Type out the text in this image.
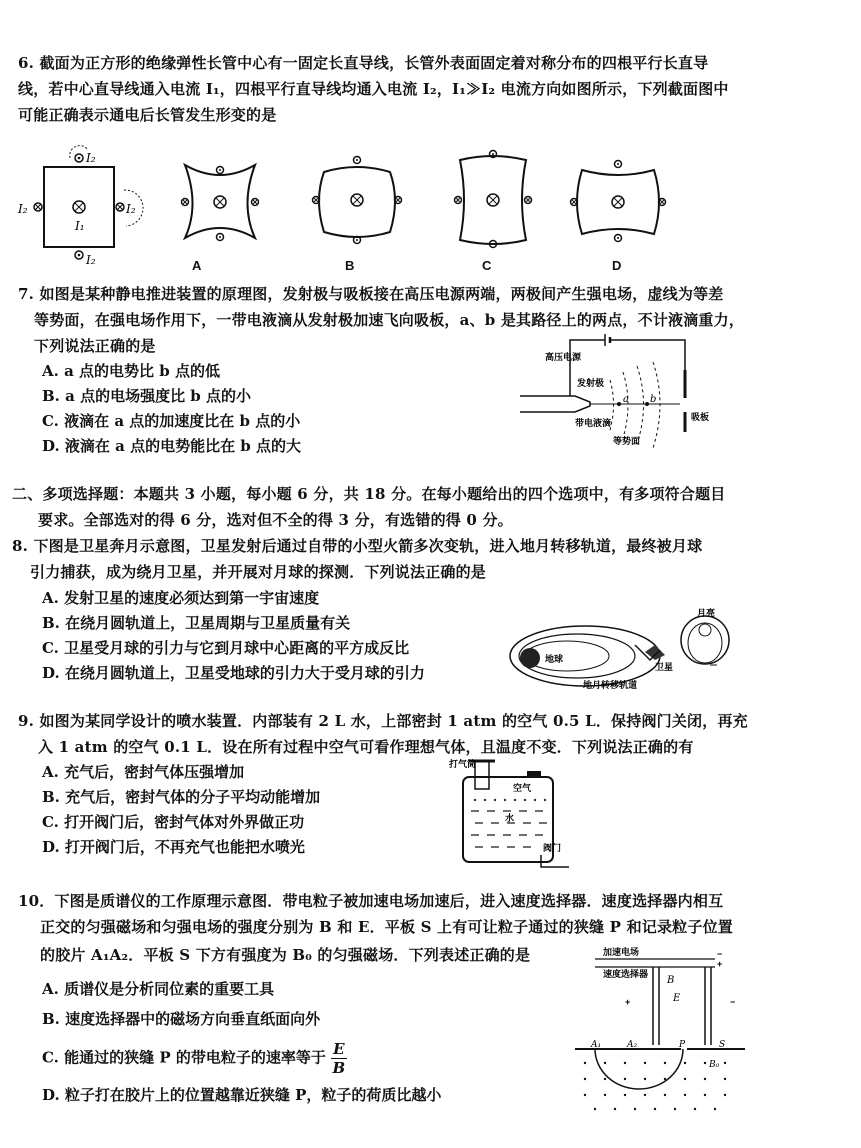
6. 截面为正方形的绝缘弹性长管中心有一固定长直导线，长管外表面固定着对称分布的四根平行长直导
线，若中心直导线通入电流 I₁，四根平行直导线均通入电流 I₂，I₁≫I₂ 电流方向如图所示，下列截面图中
可能正确表示通电后长管发生形变的是
I₂
I₂	I₂
I₂
I₁
A	B	C	D
7. 如图是某种静电推进装置的原理图，发射极与吸板接在高压电源两端，两极间产生强电场，虚线为等差
等势面，在强电场作用下，一带电液滴从发射极加速飞向吸板，a、b 是其路径上的两点，不计液滴重力，
下列说法正确的是
A. a 点的电势比 b 点的低
B. a 点的电场强度比 b 点的小
C. 液滴在 a 点的加速度比在 b 点的小
D. 液滴在 a 点的电势能比在 b 点的大
高压电源
发射极
带电液滴
等势面
吸板
a b
二、多项选择题：本题共 3 小题，每小题 6 分，共 18 分。在每小题给出的四个选项中，有多项符合题目
要求。全部选对的得 6 分，选对但不全的得 3 分，有选错的得 0 分。
8. 下图是卫星奔月示意图，卫星发射后通过自带的小型火箭多次变轨，进入地月转移轨道，最终被月球
引力捕获，成为绕月卫星，并开展对月球的探测．下列说法正确的是
A. 发射卫星的速度必须达到第一宇宙速度
B. 在绕月圆轨道上，卫星周期与卫星质量有关
C. 卫星受月球的引力与它到月球中心距离的平方成反比
D. 在绕月圆轨道上，卫星受地球的引力大于受月球的引力
地球
月亮
卫星
地月转移轨道
9. 如图为某同学设计的喷水装置．内部装有 2 L 水，上部密封 1 atm 的空气 0.5 L．保持阀门关闭，再充
入 1 atm 的空气 0.1 L．设在所有过程中空气可看作理想气体，且温度不变．下列说法正确的有
A. 充气后，密封气体压强增加
B. 充气后，密封气体的分子平均动能增加
C. 打开阀门后，密封气体对外界做正功
D. 打开阀门后，不再充气也能把水喷光
打气筒
空气
水
阀门
10．下图是质谱仪的工作原理示意图．带电粒子被加速电场加速后，进入速度选择器．速度选择器内相互
正交的匀强磁场和匀强电场的强度分别为 B 和 E．平板 S 上有可让粒子通过的狭缝 P 和记录粒子位置
的胶片 A₁A₂．平板 S 下方有强度为 B₀ 的匀强磁场．下列表述正确的是
A. 质谱仪是分析同位素的重要工具
B. 速度选择器中的磁场方向垂直纸面向外
C. 能通过的狭缝 P 的带电粒子的速率等于 $\frac{E}{B}$
D. 粒子打在胶片上的位置越靠近狭缝 P，粒子的荷质比越小
加速电场	−
+
速度选择器
B
E
+	−
A₁	A₂	P	S
B₀
